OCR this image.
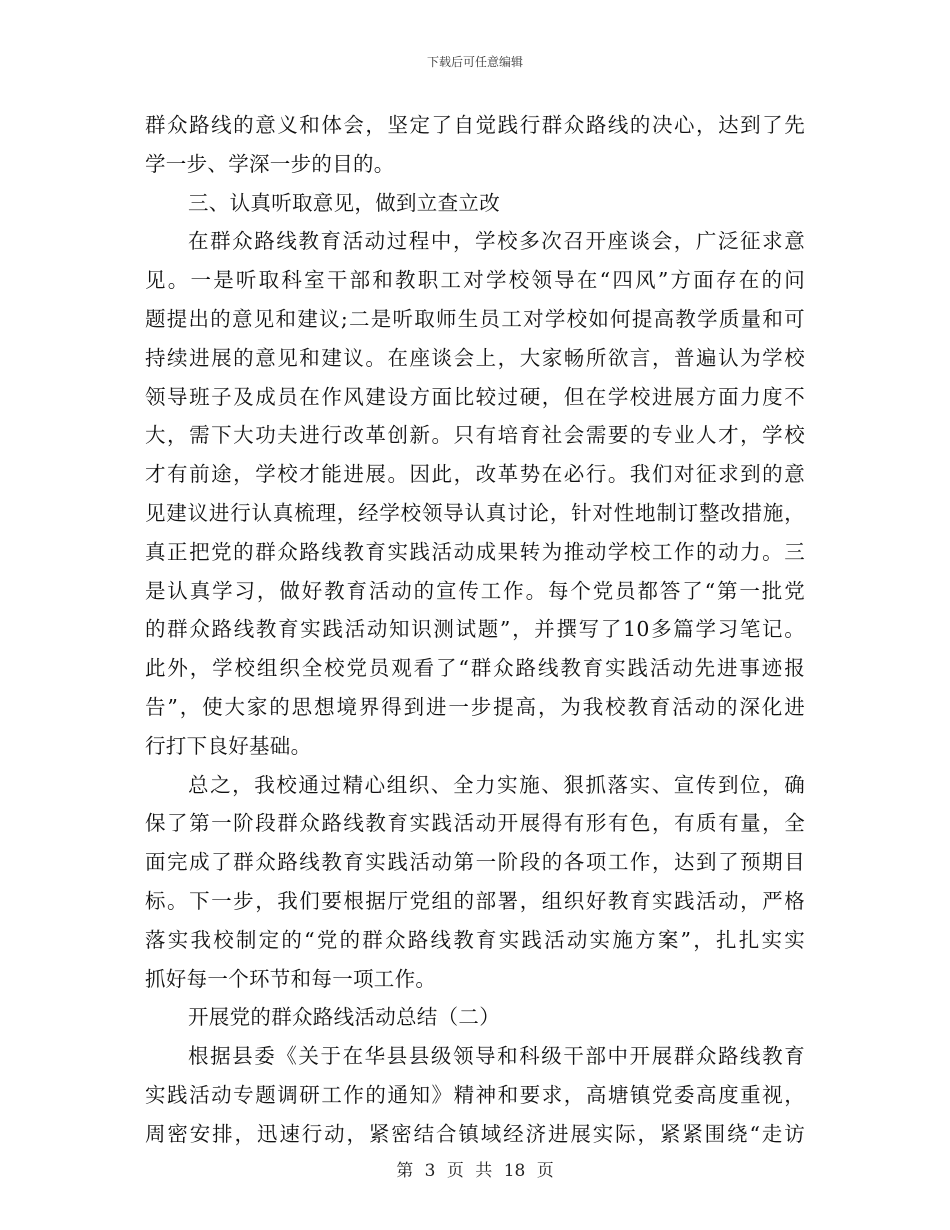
下载后可任意编辑
群众路线的意义和体会，坚定了自觉践行群众路线的决心，达到了先
学一步、学深一步的目的。
三、认真听取意见，做到立查立改
在群众路线教育活动过程中，学校多次召开座谈会，广泛征求意
见。一是听取科室干部和教职工对学校领导在“四风”方面存在的问
题提出的意见和建议;二是听取师生员工对学校如何提高教学质量和可
持续进展的意见和建议。在座谈会上，大家畅所欲言，普遍认为学校
领导班子及成员在作风建设方面比较过硬，但在学校进展方面力度不
大，需下大功夫进行改革创新。只有培育社会需要的专业人才，学校
才有前途，学校才能进展。因此，改革势在必行。我们对征求到的意
见建议进行认真梳理，经学校领导认真讨论，针对性地制订整改措施，
真正把党的群众路线教育实践活动成果转为推动学校工作的动力。三
是认真学习，做好教育活动的宣传工作。每个党员都答了“第一批党
的群众路线教育实践活动知识测试题”，并撰写了10多篇学习笔记。
此外，学校组织全校党员观看了“群众路线教育实践活动先进事迹报
告”，使大家的思想境界得到进一步提高，为我校教育活动的深化进
行打下良好基础。
总之，我校通过精心组织、全力实施、狠抓落实、宣传到位，确
保了第一阶段群众路线教育实践活动开展得有形有色，有质有量，全
面完成了群众路线教育实践活动第一阶段的各项工作，达到了预期目
标。下一步，我们要根据厅党组的部署，组织好教育实践活动，严格
落实我校制定的“党的群众路线教育实践活动实施方案”，扎扎实实
抓好每一个环节和每一项工作。
开展党的群众路线活动总结（二）
根据县委《关于在华县县级领导和科级干部中开展群众路线教育
实践活动专题调研工作的通知》精神和要求，高塘镇党委高度重视，
周密安排，迅速行动，紧密结合镇域经济进展实际，紧紧围绕“走访
第 3 页 共 18 页
